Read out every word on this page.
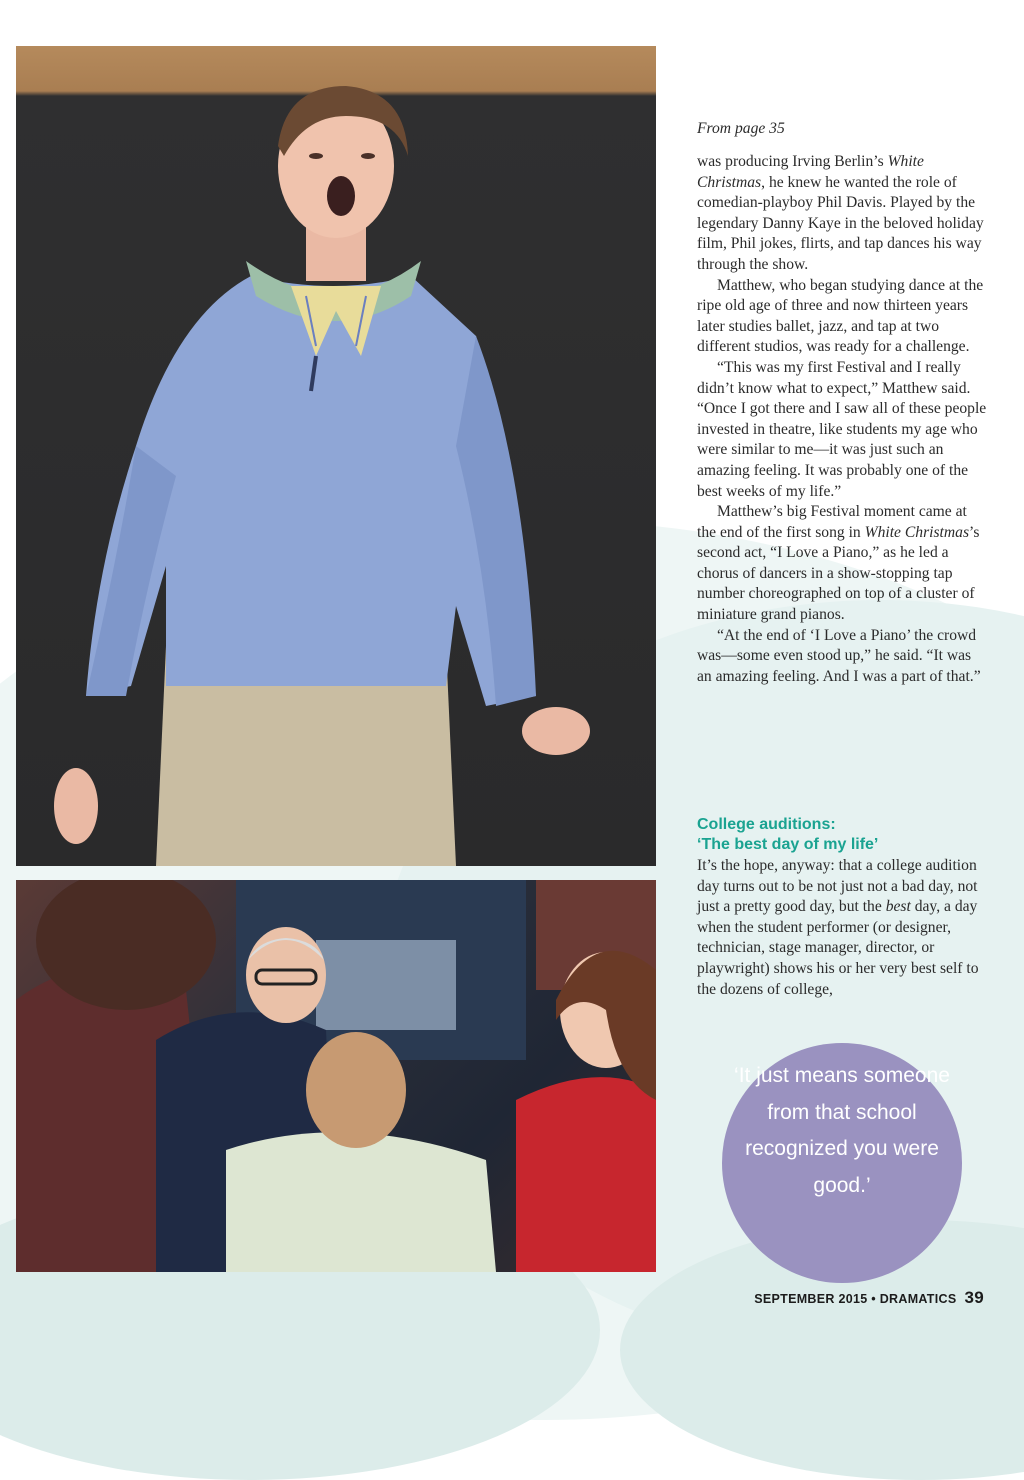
From page 35

was producing Irving Berlin’s White Christmas, he knew he wanted the role of comedian-playboy Phil Davis. Played by the legendary Danny Kaye in the beloved holiday film, Phil jokes, flirts, and tap dances his way through the show.

Matthew, who began studying dance at the ripe old age of three and now thirteen years later studies ballet, jazz, and tap at two different studios, was ready for a challenge.

“This was my first Festival and I really didn’t know what to expect,” Matthew said. “Once I got there and I saw all of these people invested in theatre, like students my age who were similar to me—it was just such an amazing feeling. It was probably one of the best weeks of my life.”

Matthew’s big Festival moment came at the end of the first song in White Christmas’s second act, “I Love a Piano,” as he led a chorus of dancers in a show-stopping tap number choreographed on top of a cluster of miniature grand pianos.

“At the end of ‘I Love a Piano’ the crowd was—some even stood up,” he said. “It was an amazing feeling. And I was a part of that.”

College auditions:
‘The best day of my life’

It’s the hope, anyway: that a college audition day turns out to be not just not a bad day, not just a pretty good day, but the best day, a day when the student performer (or designer, technician, stage manager, director, or playwright) shows his or her very best self to the dozens of college,

‘It just means someone from that school recognized you were good.’
SEPTEMBER 2015 • DRAMATICS 39
